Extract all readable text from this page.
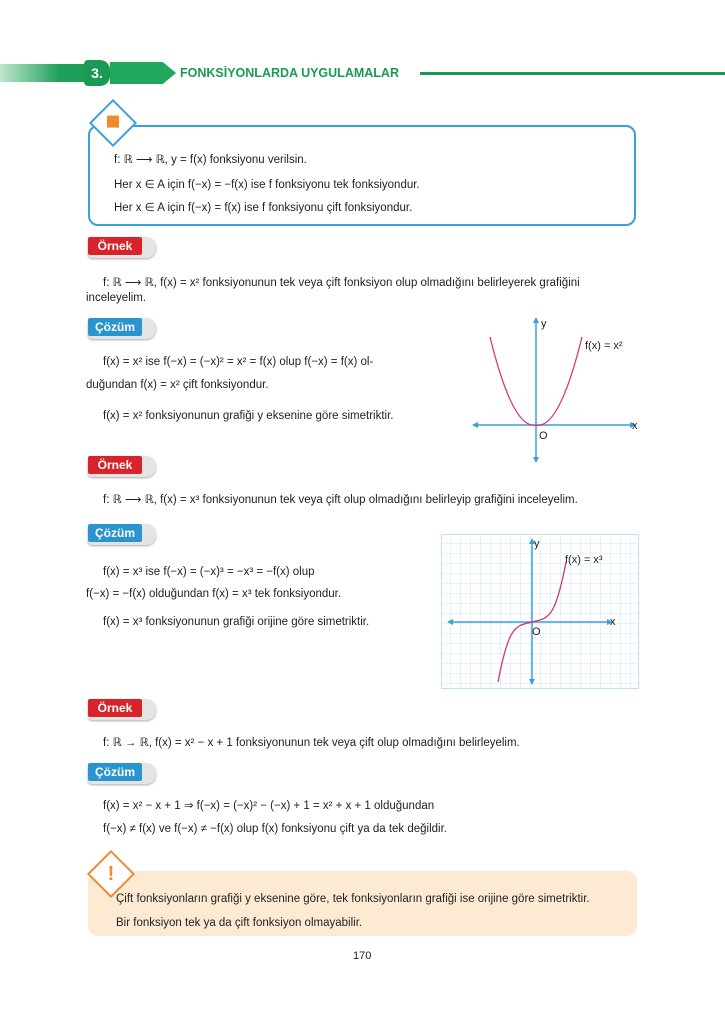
3.	FONKSİYONLARDA UYGULAMALAR
f: ℝ ⟶ ℝ, y = f(x) fonksiyonu verilsin.
Her x ∈ A için f(−x) = −f(x) ise f fonksiyonu tek fonksiyondur.
Her x ∈ A için f(−x) = f(x) ise f fonksiyonu çift fonksiyondur.
Örnek
f: ℝ ⟶ ℝ, f(x) = x² fonksiyonunun tek veya çift fonksiyon olup olmadığını belirleyerek grafiğini
inceleyelim.
Çözüm
f(x) = x² ise f(−x) = (−x)² = x² = f(x) olup f(−x) = f(x) ol-
duğundan f(x) = x² çift fonksiyondur.
f(x) = x² fonksiyonunun grafiği y eksenine göre simetriktir.
y
x
O
f(x) = x²
Örnek
f: ℝ ⟶ ℝ, f(x) = x³ fonksiyonunun tek veya çift olup olmadığını belirleyip grafiğini inceleyelim.
Çözüm
f(x) = x³ ise f(−x) = (−x)³ = −x³ = −f(x) olup
f(−x) = −f(x) olduğundan f(x) = x³ tek fonksiyondur.
f(x) = x³ fonksiyonunun grafiği orijine göre simetriktir.
y
x
O
f(x) = x³
Örnek
f: ℝ → ℝ, f(x) = x² − x + 1 fonksiyonunun tek veya çift olup olmadığını belirleyelim.
Çözüm
f(x) = x² − x + 1 ⇒ f(−x) = (−x)² − (−x) + 1 = x² + x + 1 olduğundan
f(−x) ≠ f(x) ve f(−x) ≠ −f(x) olup f(x) fonksiyonu çift ya da tek değildir.
!
Çift fonksiyonların grafiği y eksenine göre, tek fonksiyonların grafiği ise orijine göre simetriktir.
Bir fonksiyon tek ya da çift fonksiyon olmayabilir.
170
